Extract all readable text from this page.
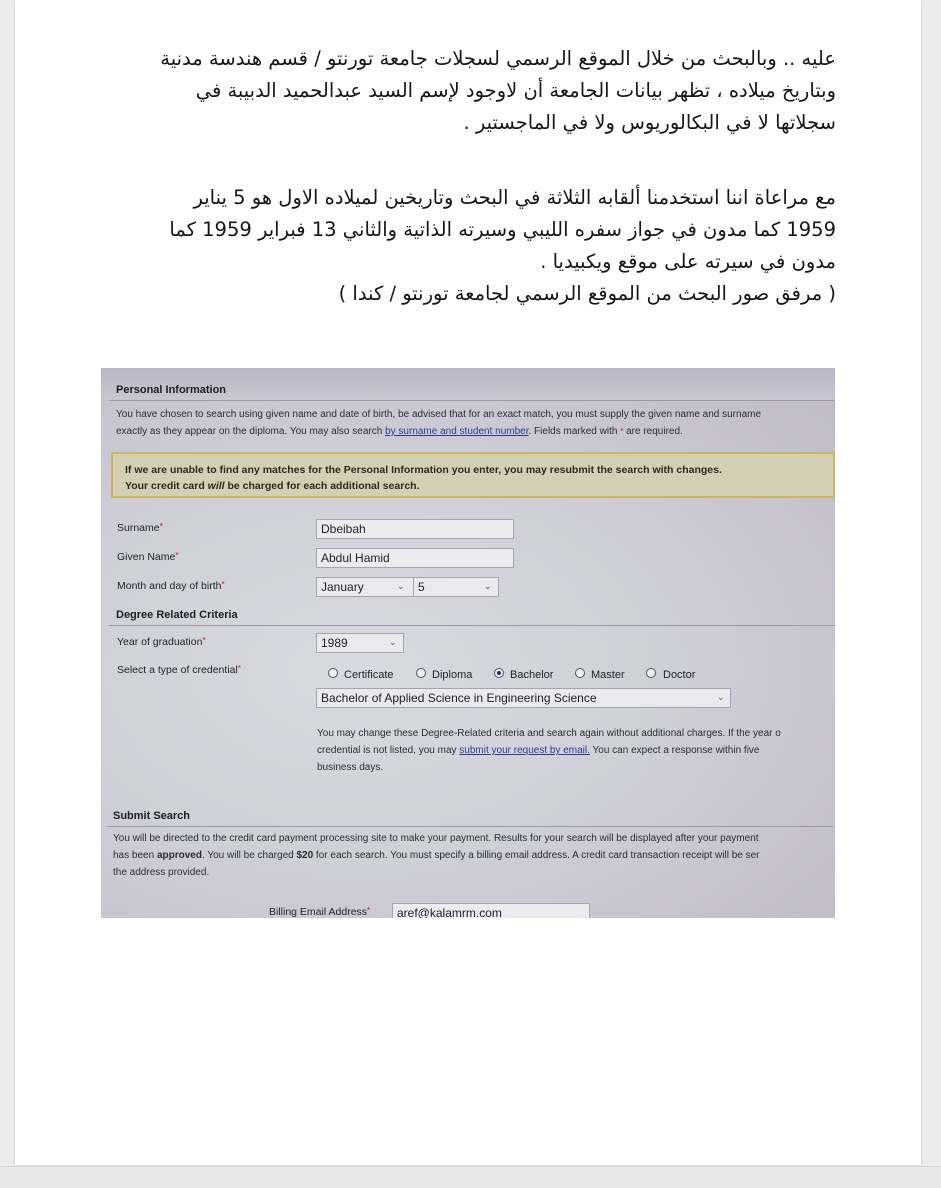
عليه .. وبالبحث من خلال الموقع الرسمي لسجلات جامعة تورنتو / قسم هندسة مدنية

وبتاريخ ميلاده ، تظهر بيانات الجامعة أن لاوجود لإسم السيد عبدالحميد الدبيبة في

سجلاتها لا في البكالوريوس ولا في الماجستير .

مع مراعاة اننا استخدمنا ألقابه الثلاثة في البحث وتاريخين لميلاده الاول هو 5 يناير

1959 كما مدون في جواز سفره الليبي وسيرته الذاتية والثاني 13 فبراير 1959 كما

مدون في سيرته على موقع ويكبيديا .

( مرفق صور البحث من الموقع الرسمي لجامعة تورنتو / كندا )

Personal Information
You have chosen to search using given name and date of birth, be advised that for an exact match, you must supply the given name and surname
exactly as they appear on the diploma. You may also search by surname and student number. Fields marked with * are required.
If we are unable to find any matches for the Personal Information you enter, you may resubmit the search with changes.
Your credit card will be charged for each additional search.
Surname*	Dbeibah
Given Name*	Abdul Hamid
Month and day of birth*	January	⌄	5	⌄
Degree Related Criteria
Year of graduation*	1989	⌄
Select a type of credential*
Certificate	Diploma	Bachelor	Master	Doctor
Bachelor of Applied Science in Engineering Science	⌄
You may change these Degree-Related criteria and search again without additional charges. If the year o
credential is not listed, you may submit your request by email. You can expect a response within five
business days.
Submit Search
You will be directed to the credit card payment processing site to make your payment. Results for your search will be displayed after your payment
has been approved. You will be charged $20 for each search. You must specify a billing email address. A credit card transaction receipt will be ser
the address provided.
Billing Email Address*	aref@kalamrm.com
